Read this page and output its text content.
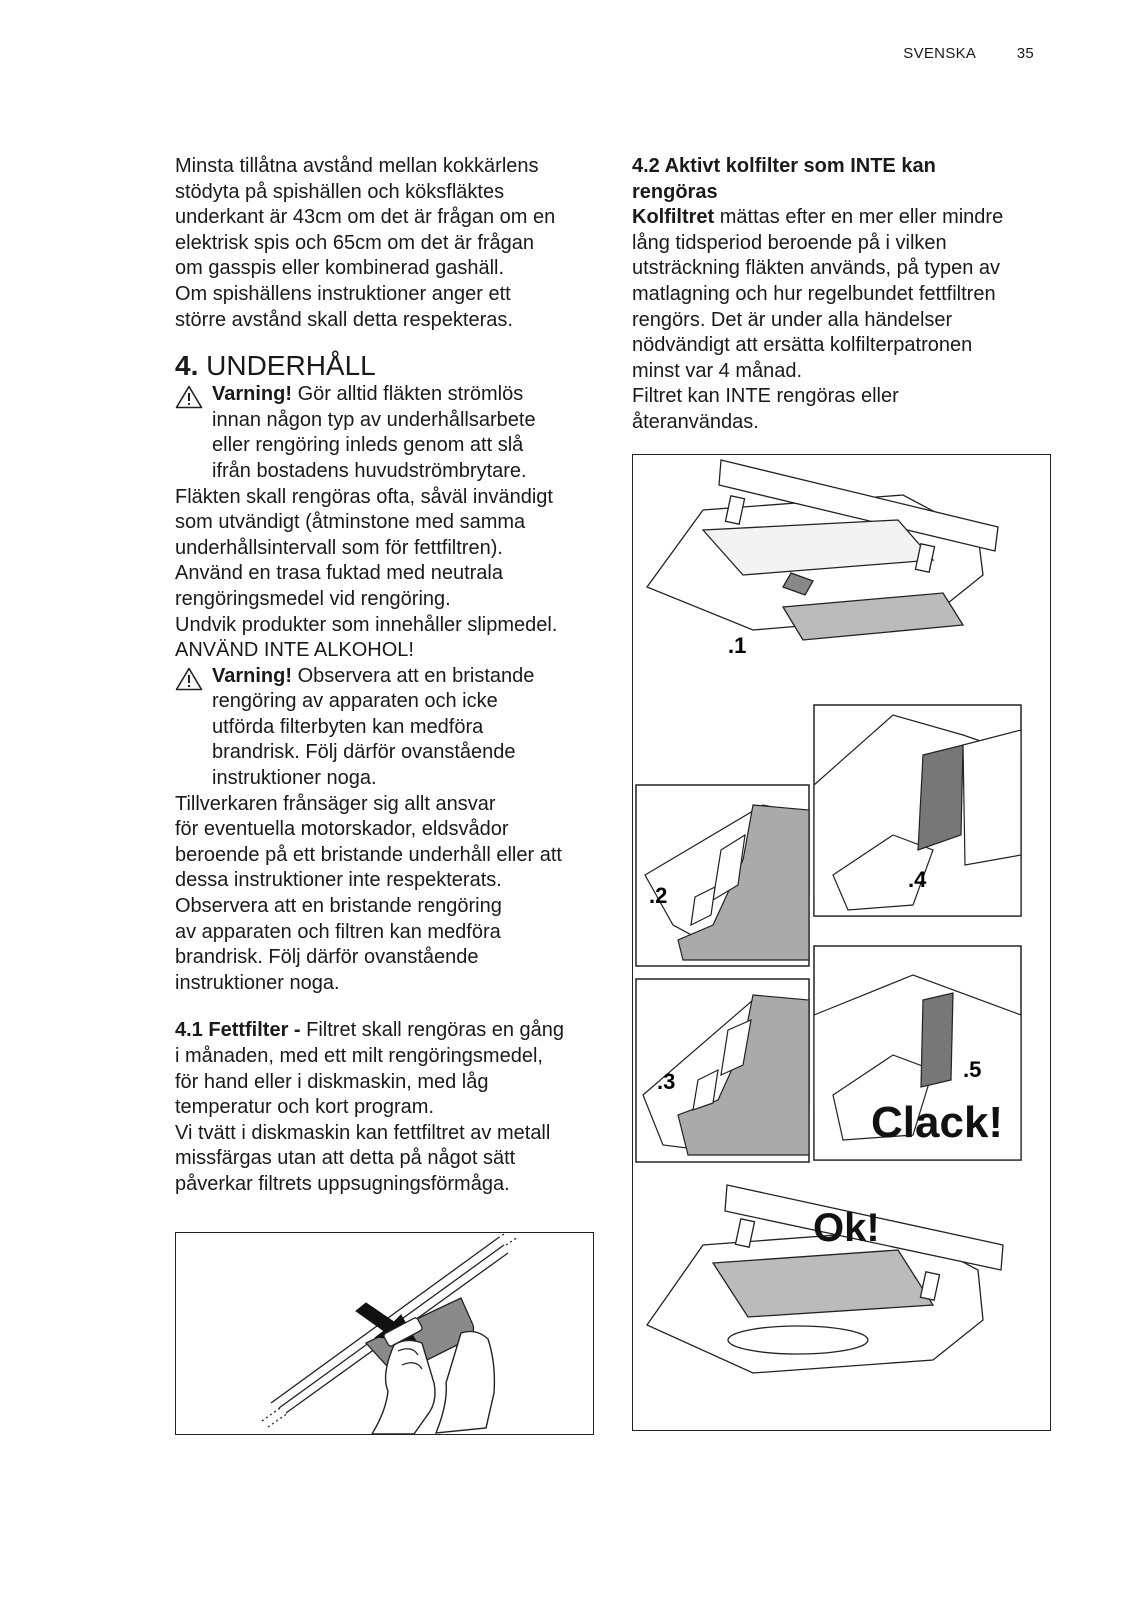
SVENSKA	35

Minsta tillåtna avstånd mellan kokkärlens

stödyta på spishällen och köksfläktes

underkant är 43cm om det är frågan om en

elektrisk spis och 65cm om det är frågan

om gasspis eller kombinerad gashäll.

Om spishällens instruktioner anger ett

större avstånd skall detta respekteras.

4. UNDERHÅLL

Varning! Gör alltid fläkten strömlös

innan någon typ av underhållsarbete

eller rengöring inleds genom att slå

ifrån bostadens huvudströmbrytare.

Fläkten skall rengöras ofta, såväl invändigt

som utvändigt (åtminstone med samma

underhållsintervall som för fettfiltren).

Använd en trasa fuktad med neutrala

rengöringsmedel vid rengöring.

Undvik produkter som innehåller slipmedel.

ANVÄND INTE ALKOHOL!

Varning! Observera att en bristande

rengöring av apparaten och icke

utförda filterbyten kan medföra

brandrisk. Följ därför ovanstående

instruktioner noga.

Tillverkaren frånsäger sig allt ansvar

för eventuella motorskador, eldsvådor

beroende på ett bristande underhåll eller att

dessa instruktioner inte respekterats.

Observera att en bristande rengöring

av apparaten och filtren kan medföra

brandrisk. Följ därför ovanstående

instruktioner noga.

4.1 Fettfilter - Filtret skall rengöras en gång

i månaden, med ett milt rengöringsmedel,

för hand eller i diskmaskin, med låg

temperatur och kort program.

Vi tvätt i diskmaskin kan fettfiltret av metall

missfärgas utan att detta på något sätt

påverkar filtrets uppsugningsförmåga.

4.2 Aktivt kolfilter som INTE kan

rengöras

Kolfiltret mättas efter en mer eller mindre

lång tidsperiod beroende på i vilken

utsträckning fläkten används, på typen av

matlagning och hur regelbundet fettfiltren

rengörs. Det är under alla händelser

nödvändigt att ersätta kolfilterpatronen

minst var 4 månad.

Filtret kan INTE rengöras eller

återanvändas.

.1
.2
.3
.4
.5
Clack!
Ok!
